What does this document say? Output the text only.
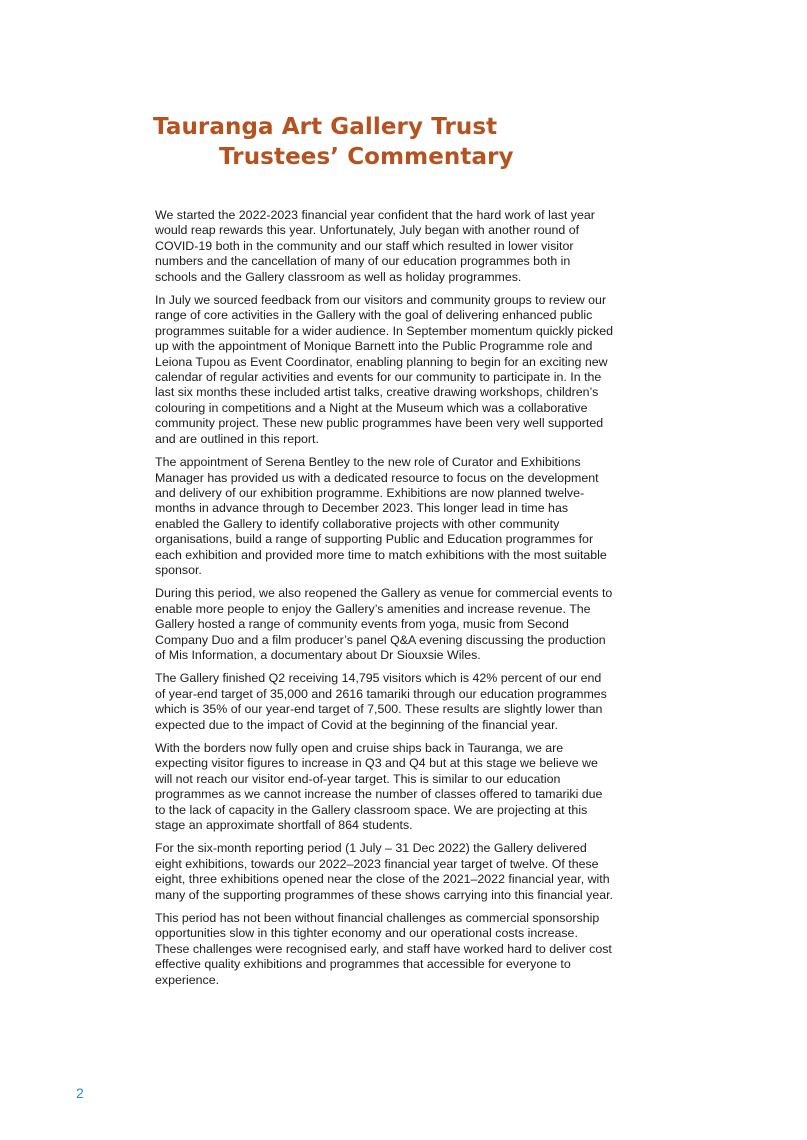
Tauranga Art Gallery Trust
Trustees’ Commentary

We started the 2022-2023 financial year confident that the hard work of last year would reap rewards this year. Unfortunately, July began with another round of COVID-19 both in the community and our staff which resulted in lower visitor numbers and the cancellation of many of our education programmes both in schools and the Gallery classroom as well as holiday programmes.

In July we sourced feedback from our visitors and community groups to review our range of core activities in the Gallery with the goal of delivering enhanced public programmes suitable for a wider audience. In September momentum quickly picked up with the appointment of Monique Barnett into the Public Programme role and Leiona Tupou as Event Coordinator, enabling planning to begin for an exciting new calendar of regular activities and events for our community to participate in. In the last six months these included artist talks, creative drawing workshops, children’s colouring in competitions and a Night at the Museum which was a collaborative community project. These new public programmes have been very well supported and are outlined in this report.

The appointment of Serena Bentley to the new role of Curator and Exhibitions Manager has provided us with a dedicated resource to focus on the development and delivery of our exhibition programme. Exhibitions are now planned twelve-months in advance through to December 2023. This longer lead in time has enabled the Gallery to identify collaborative projects with other community organisations, build a range of supporting Public and Education programmes for each exhibition and provided more time to match exhibitions with the most suitable sponsor.

During this period, we also reopened the Gallery as venue for commercial events to enable more people to enjoy the Gallery’s amenities and increase revenue. The Gallery hosted a range of community events from yoga, music from Second Company Duo and a film producer’s panel Q&A evening discussing the production of Mis Information, a documentary about Dr Siouxsie Wiles.

The Gallery finished Q2 receiving 14,795 visitors which is 42% percent of our end of year-end target of 35,000 and 2616 tamariki through our education programmes which is 35% of our year-end target of 7,500. These results are slightly lower than expected due to the impact of Covid at the beginning of the financial year.

With the borders now fully open and cruise ships back in Tauranga, we are expecting visitor figures to increase in Q3 and Q4 but at this stage we believe we will not reach our visitor end-of-year target. This is similar to our education programmes as we cannot increase the number of classes offered to tamariki due to the lack of capacity in the Gallery classroom space. We are projecting at this stage an approximate shortfall of 864 students.

For the six-month reporting period (1 July – 31 Dec 2022) the Gallery delivered eight exhibitions, towards our 2022–2023 financial year target of twelve. Of these eight, three exhibitions opened near the close of the 2021–2022 financial year, with many of the supporting programmes of these shows carrying into this financial year.

This period has not been without financial challenges as commercial sponsorship opportunities slow in this tighter economy and our operational costs increase. These challenges were recognised early, and staff have worked hard to deliver cost effective quality exhibitions and programmes that accessible for everyone to experience.

2
